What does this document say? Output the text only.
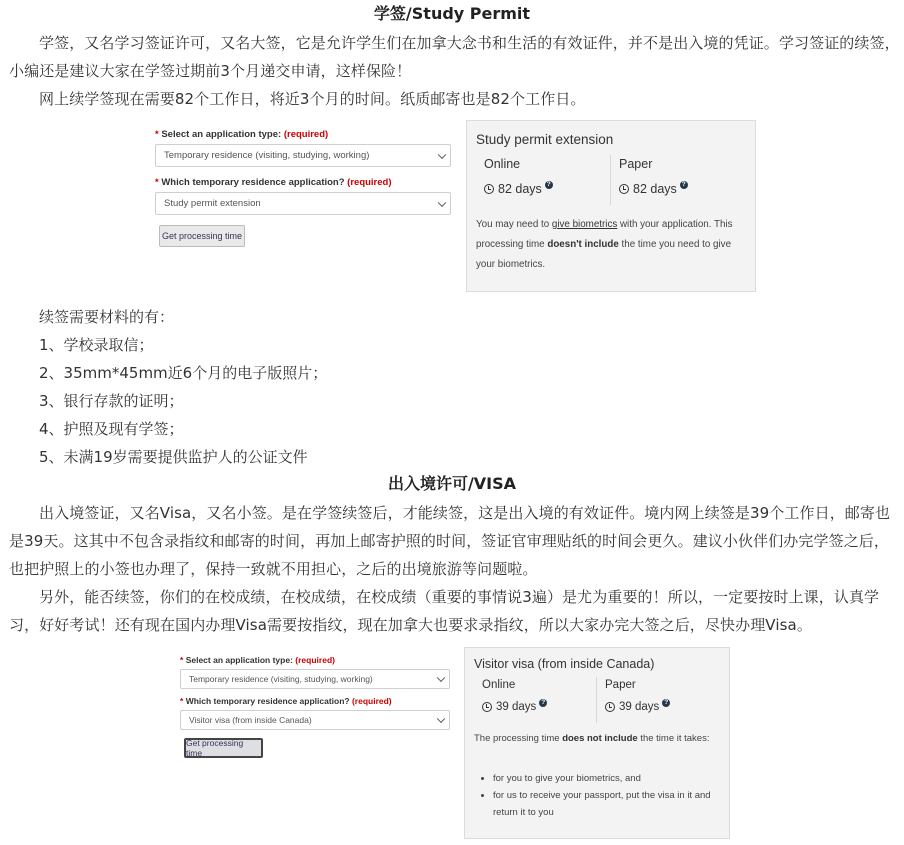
学签/Study Permit

学签，又名学习签证许可，又名大签，它是允许学生们在加拿大念书和生活的有效证件，并不是出入境的凭证。学习签证的续签，小编还是建议大家在学签过期前3个月递交申请，这样保险！

网上续学签现在需要82个工作日，将近3个月的时间。纸质邮寄也是82个工作日。

* Select an application type: (required)
Temporary residence (visiting, studying, working)
* Which temporary residence application? (required)
Study permit extension
Get processing time
Study permit extension
Online
82 days ?
Paper
82 days ?
You may need to give biometrics with your application. This processing time doesn't include the time you need to give your biometrics.

续签需要材料的有：

1、学校录取信；

2、35mm*45mm近6个月的电子版照片；

3、银行存款的证明；

4、护照及现有学签；

5、未满19岁需要提供监护人的公证文件

出入境许可/VISA

出入境签证，又名Visa，又名小签。是在学签续签后，才能续签，这是出入境的有效证件。境内网上续签是39个工作日，邮寄也是39天。这其中不包含录指纹和邮寄的时间，再加上邮寄护照的时间，签证官审理贴纸的时间会更久。建议小伙伴们办完学签之后，也把护照上的小签也办理了，保持一致就不用担心，之后的出境旅游等问题啦。

另外，能否续签，你们的在校成绩，在校成绩，在校成绩（重要的事情说3遍）是尤为重要的！所以，一定要按时上课，认真学习，好好考试！还有现在国内办理Visa需要按指纹，现在加拿大也要求录指纹，所以大家办完大签之后，尽快办理Visa。

* Select an application type: (required)
Temporary residence (visiting, studying, working)
* Which temporary residence application? (required)
Visitor visa (from inside Canada)
Get processing time
Visitor visa (from inside Canada)
Online
39 days ?
Paper
39 days ?
The processing time does not include the time it takes:
• for you to give your biometrics, and
• for us to receive your passport, put the visa in it and return it to you
